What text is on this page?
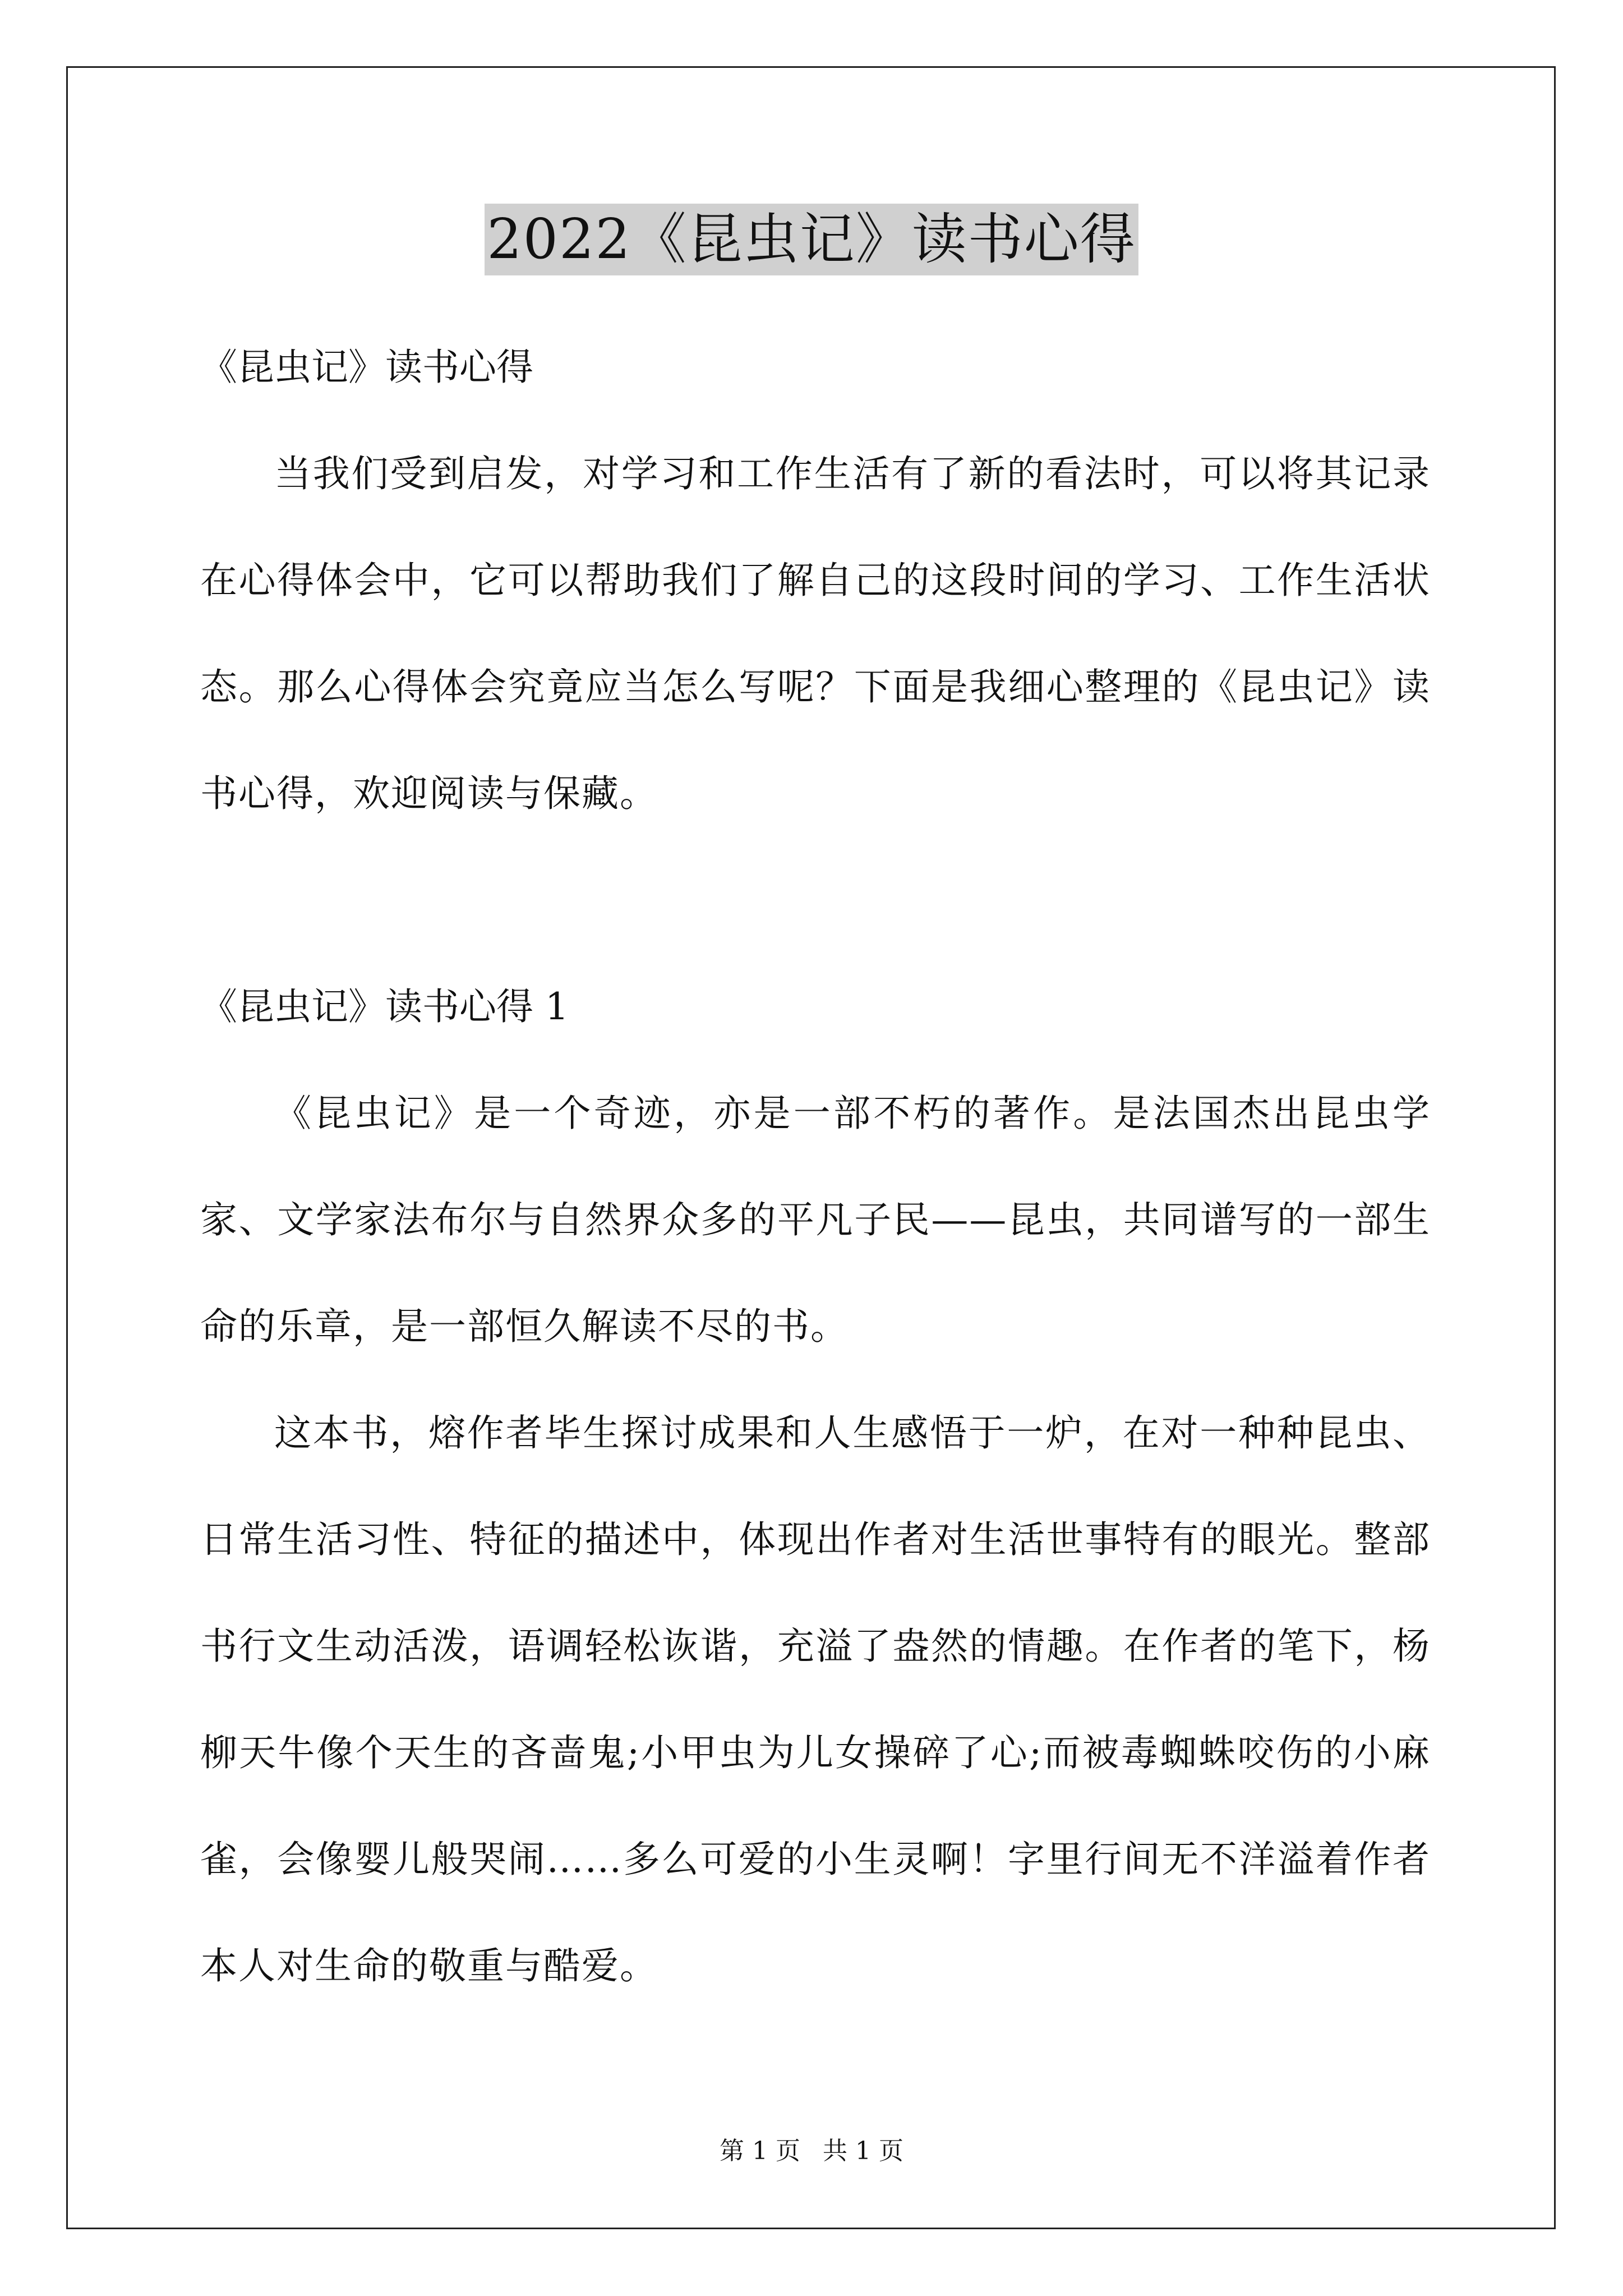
2022《昆虫记》读书心得
《昆虫记》读书心得

当我们受到启发，对学习和工作生活有了新的看法时，可以将其记录在心得体会中，它可以帮助我们了解自己的这段时间的学习、工作生活状态。那么心得体会究竟应当怎么写呢？下面是我细心整理的《昆虫记》读书心得，欢迎阅读与保藏。

《昆虫记》读书心得 1

《昆虫记》是一个奇迹，亦是一部不朽的著作。是法国杰出昆虫学家、文学家法布尔与自然界众多的平凡子民——昆虫，共同谱写的一部生命的乐章，是一部恒久解读不尽的书。

这本书，熔作者毕生探讨成果和人生感悟于一炉，在对一种种昆虫、日常生活习性、特征的描述中，体现出作者对生活世事特有的眼光。整部书行文生动活泼，语调轻松诙谐，充溢了盎然的情趣。在作者的笔下，杨柳天牛像个天生的吝啬鬼;小甲虫为儿女操碎了心;而被毒蜘蛛咬伤的小麻雀，会像婴儿般哭闹……多么可爱的小生灵啊！字里行间无不洋溢着作者本人对生命的敬重与酷爱。

第 1 页 共 1 页
